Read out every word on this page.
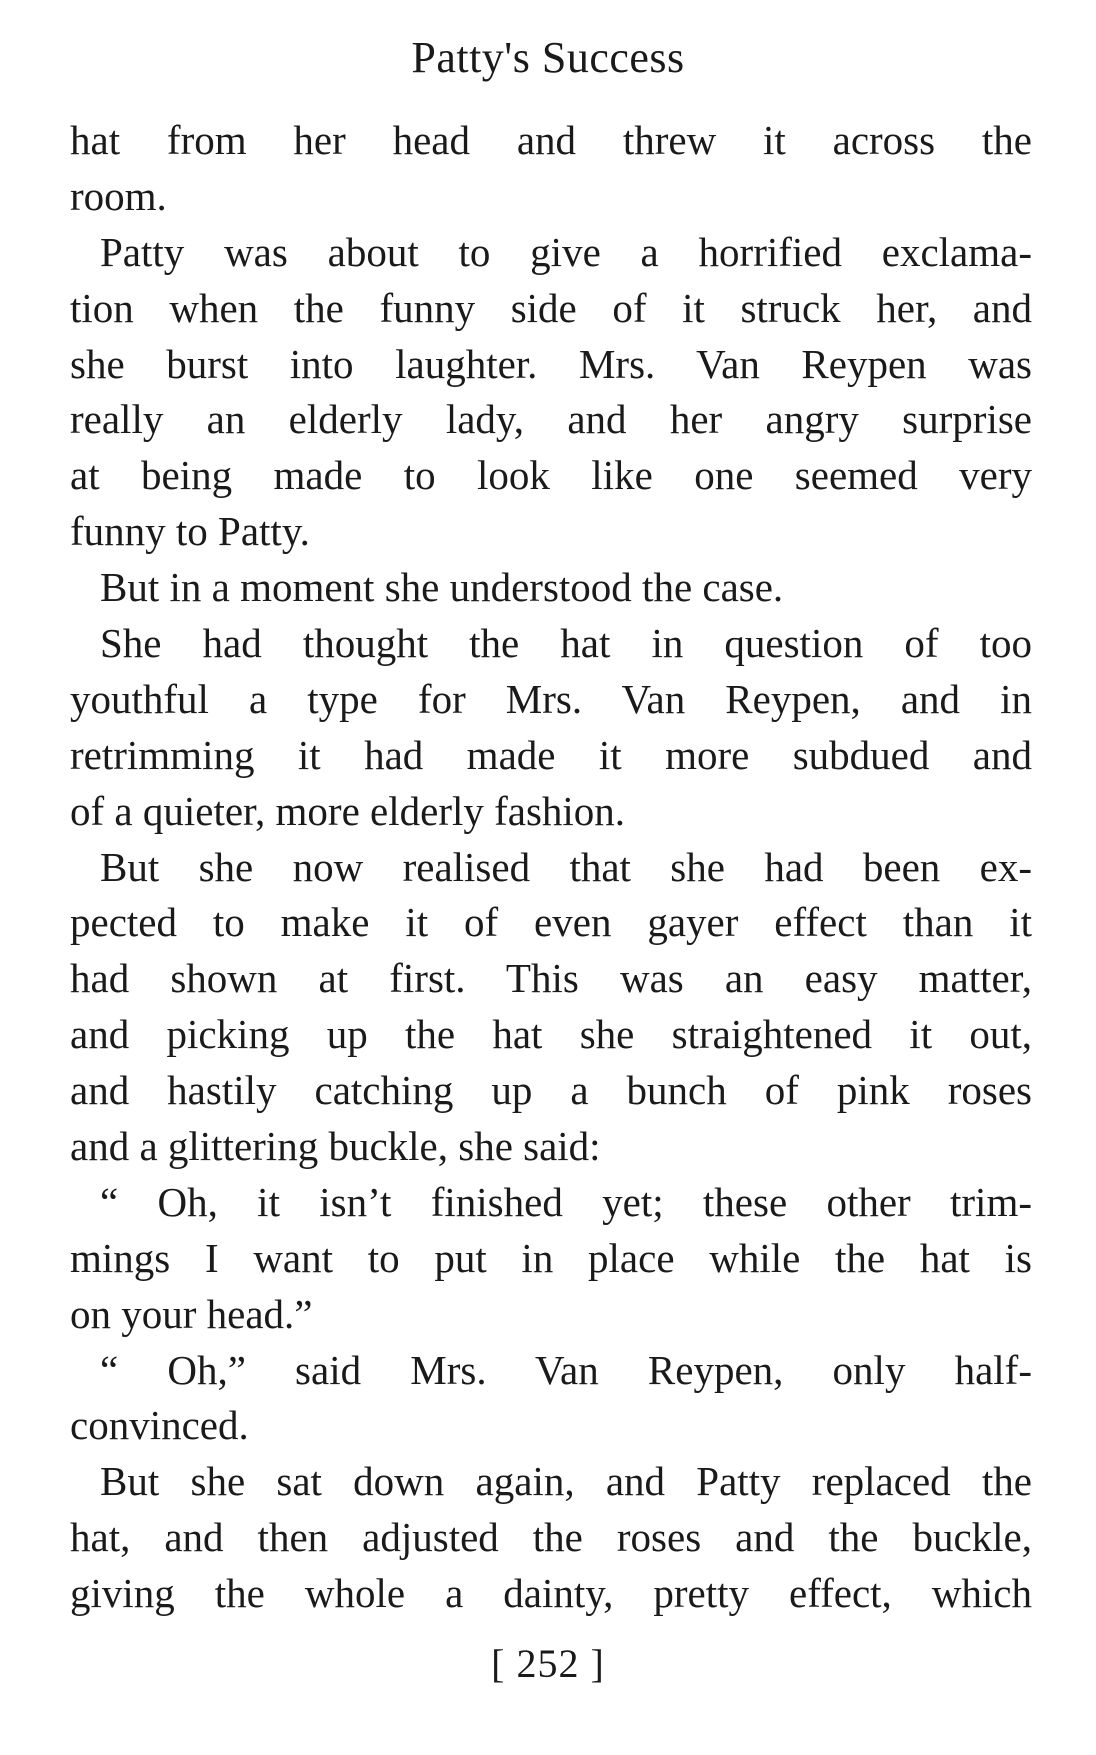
Patty's Success
hat from her head and threw it across the
room.
Patty was about to give a horrified exclama-
tion when the funny side of it struck her, and
she burst into laughter. Mrs. Van Reypen was
really an elderly lady, and her angry surprise
at being made to look like one seemed very
funny to Patty.
But in a moment she understood the case.
She had thought the hat in question of too
youthful a type for Mrs. Van Reypen, and in
retrimming it had made it more subdued and
of a quieter, more elderly fashion.
But she now realised that she had been ex-
pected to make it of even gayer effect than it
had shown at first. This was an easy matter,
and picking up the hat she straightened it out,
and hastily catching up a bunch of pink roses
and a glittering buckle, she said:
“ Oh, it isn’t finished yet; these other trim-
mings I want to put in place while the hat is
on your head.”
“ Oh,” said Mrs. Van Reypen, only half-
convinced.
But she sat down again, and Patty replaced the
hat, and then adjusted the roses and the buckle,
giving the whole a dainty, pretty effect, which
[ 252 ]
